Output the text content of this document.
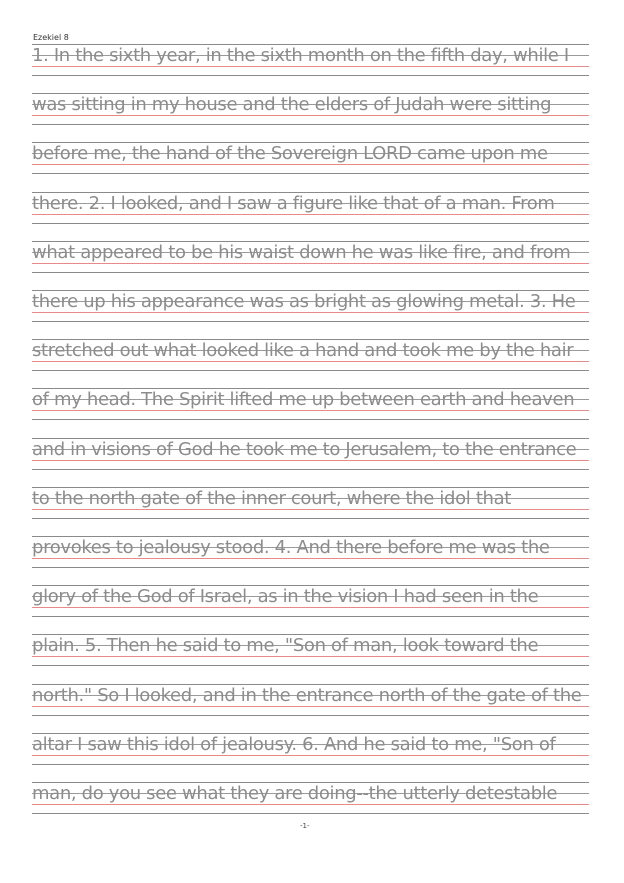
Ezekiel 8
1. In the sixth year, in the sixth month on the fifth day, while I
was sitting in my house and the elders of Judah were sitting
before me, the hand of the Sovereign LORD came upon me
there. 2. I looked, and I saw a figure like that of a man. From
what appeared to be his waist down he was like fire, and from
there up his appearance was as bright as glowing metal. 3. He
stretched out what looked like a hand and took me by the hair
of my head. The Spirit lifted me up between earth and heaven
and in visions of God he took me to Jerusalem, to the entrance
to the north gate of the inner court, where the idol that
provokes to jealousy stood. 4. And there before me was the
glory of the God of Israel, as in the vision I had seen in the
plain. 5. Then he said to me, "Son of man, look toward the
north." So I looked, and in the entrance north of the gate of the
altar I saw this idol of jealousy. 6. And he said to me, "Son of
man, do you see what they are doing--the utterly detestable
-1-
